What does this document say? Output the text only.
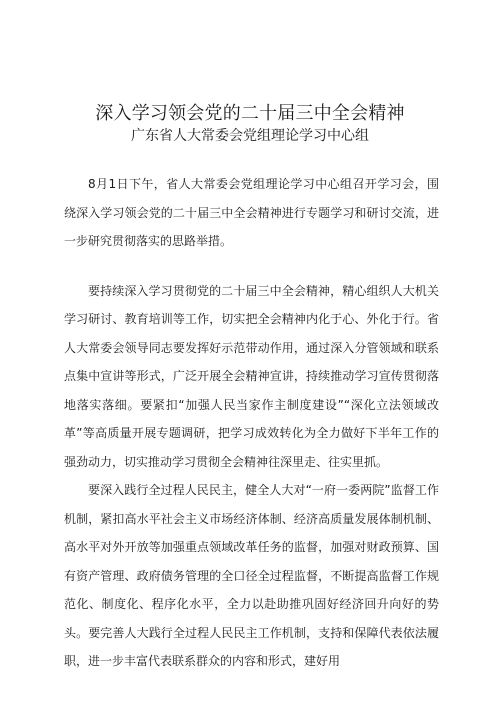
深入学习领会党的二十届三中全会精神
广东省人大常委会党组理论学习中心组

8月1日下午，省人大常委会党组理论学习中心组召开学习会，围绕深入学习领会党的二十届三中全会精神进行专题学习和研讨交流，进一步研究贯彻落实的思路举措。

要持续深入学习贯彻党的二十届三中全会精神，精心组织人大机关学习研讨、教育培训等工作，切实把全会精神内化于心、外化于行。省人大常委会领导同志要发挥好示范带动作用，通过深入分管领域和联系点集中宣讲等形式，广泛开展全会精神宣讲，持续推动学习宣传贯彻落地落实落细。要紧扣“加强人民当家作主制度建设”“深化立法领域改革”等高质量开展专题调研，把学习成效转化为全力做好下半年工作的强劲动力，切实推动学习贯彻全会精神往深里走、往实里抓。

要深入践行全过程人民民主，健全人大对“一府一委两院”监督工作机制，紧扣高水平社会主义市场经济体制、经济高质量发展体制机制、高水平对外开放等加强重点领域改革任务的监督，加强对财政预算、国有资产管理、政府债务管理的全口径全过程监督，不断提高监督工作规范化、制度化、程序化水平，全力以赴助推巩固好经济回升向好的势头。要完善人大践行全过程人民民主工作机制，支持和保障代表依法履职，进一步丰富代表联系群众的内容和形式，建好用
